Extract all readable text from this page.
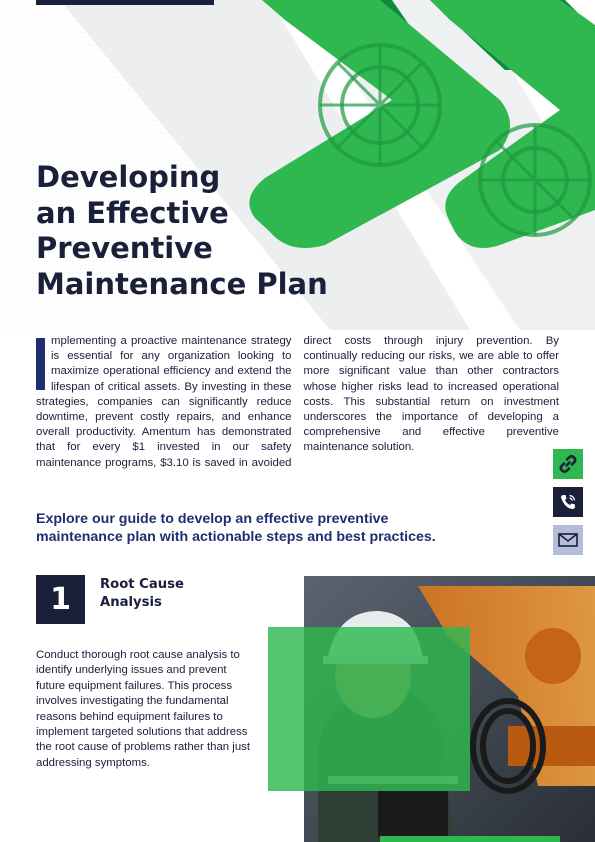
Developing
an Effective
Preventive
Maintenance Plan

mplementing a proactive maintenance strategy is essential for any organization looking to maximize operational efficiency and extend the lifespan of critical assets. By investing in these strategies, companies can significantly reduce downtime, prevent costly repairs, and enhance overall productivity. Amentum has demonstrated that for every $1 invested in our safety maintenance programs, $3.10 is saved in avoided direct costs through injury prevention. By continually reducing our risks, we are able to offer more significant value than other contractors whose higher risks lead to increased operational costs. This substantial return on investment underscores the importance of developing a comprehensive and effective preventive maintenance solution.

Explore our guide to develop an effective preventive maintenance plan with actionable steps and best practices.

1	Root Cause
Analysis

Conduct thorough root cause analysis to identify underlying issues and prevent future equipment failures. This process involves investigating the fundamental reasons behind equipment failures to implement targeted solutions that address the root cause of problems rather than just addressing symptoms.
